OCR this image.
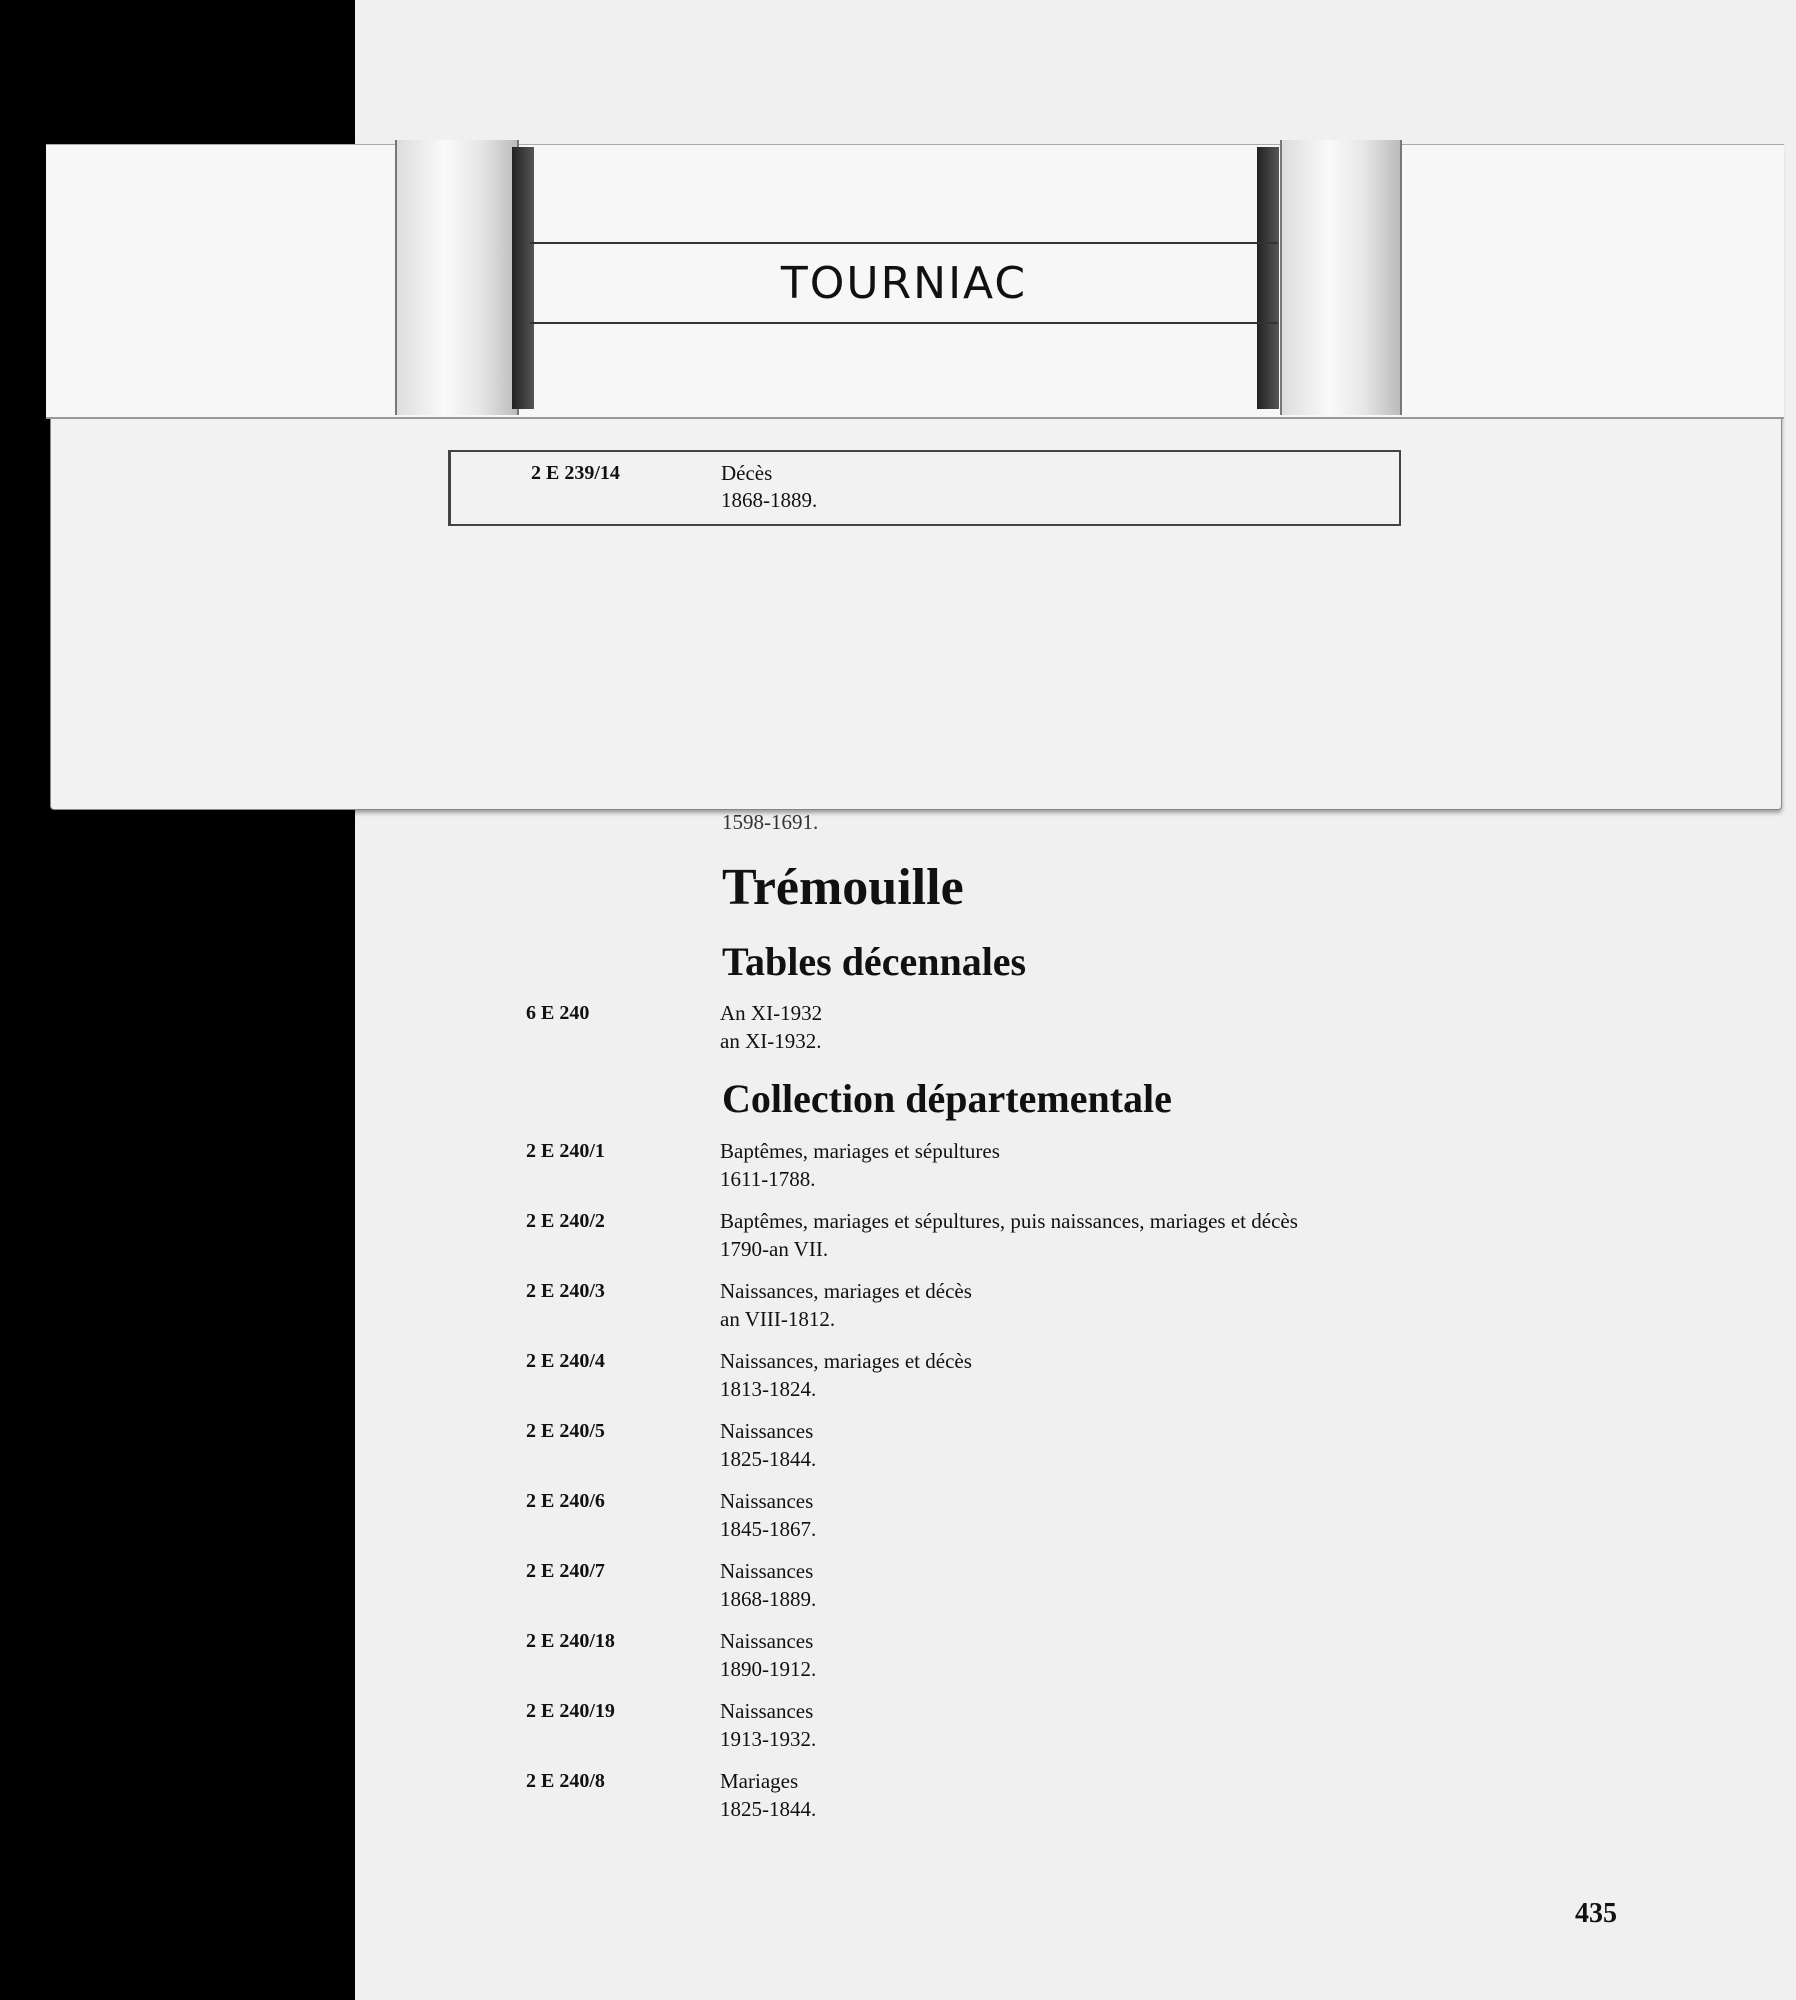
TOURNIAC
2 E 239/14	Décès
1868-1889.
1598-1691.
Trémouille
Tables décennales
6 E 240	An XI-1932
an XI-1932.
Collection départementale
2 E 240/1	Baptêmes, mariages et sépultures
1611-1788.
2 E 240/2	Baptêmes, mariages et sépultures, puis naissances, mariages et décès
1790-an VII.
2 E 240/3	Naissances, mariages et décès
an VIII-1812.
2 E 240/4	Naissances, mariages et décès
1813-1824.
2 E 240/5	Naissances
1825-1844.
2 E 240/6	Naissances
1845-1867.
2 E 240/7	Naissances
1868-1889.
2 E 240/18	Naissances
1890-1912.
2 E 240/19	Naissances
1913-1932.
2 E 240/8	Mariages
1825-1844.
435
